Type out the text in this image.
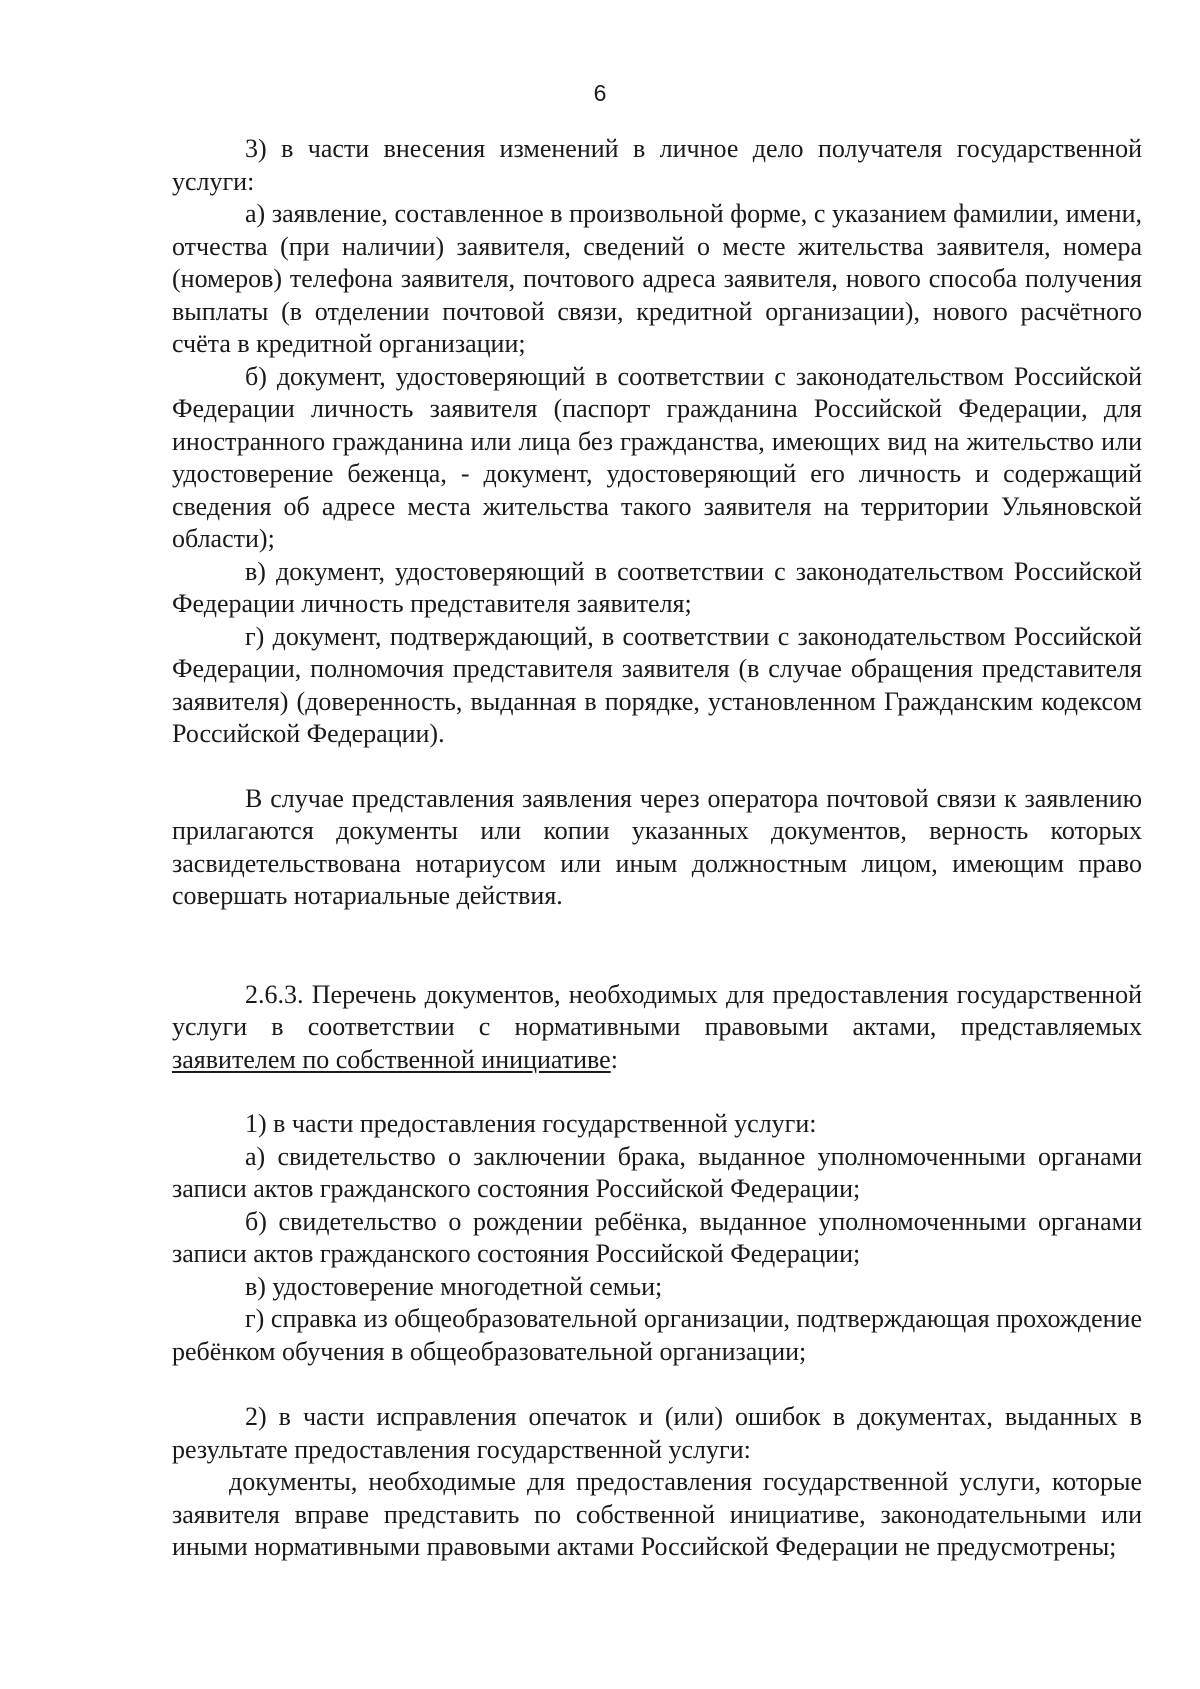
6

3) в части внесения изменений в личное дело получателя государственной услуги:

а) заявление, составленное в произвольной форме, с указанием фамилии, имени, отчества (при наличии) заявителя, сведений о месте жительства заявителя, номера (номеров) телефона заявителя, почтового адреса заявителя, нового способа получения выплаты (в отделении почтовой связи, кредитной организации), нового расчётного счёта в кредитной организации;

б) документ, удостоверяющий в соответствии с законодательством Российской Федерации личность заявителя (паспорт гражданина Российской Федерации, для иностранного гражданина или лица без гражданства, имеющих вид на жительство или удостоверение беженца, - документ, удостоверяющий его личность и содержащий сведения об адресе места жительства такого заявителя на территории Ульяновской области);

в) документ, удостоверяющий в соответствии с законодательством Российской Федерации личность представителя заявителя;

г) документ, подтверждающий, в соответствии с законодательством Российской Федерации, полномочия представителя заявителя (в случае обращения представителя заявителя) (доверенность, выданная в порядке, установленном Гражданским кодексом Российской Федерации).

В случае представления заявления через оператора почтовой связи к заявлению прилагаются документы или копии указанных документов, верность которых засвидетельствована нотариусом или иным должностным лицом, имеющим право совершать нотариальные действия.

2.6.3. Перечень документов, необходимых для предоставления государственной услуги в соответствии с нормативными правовыми актами, представляемых заявителем по собственной инициативе:

1) в части предоставления государственной услуги:

а) свидетельство о заключении брака, выданное уполномоченными органами записи актов гражданского состояния Российской Федерации;

б) свидетельство о рождении ребёнка, выданное уполномоченными органами записи актов гражданского состояния Российской Федерации;

в) удостоверение многодетной семьи;

г) справка из общеобразовательной организации, подтверждающая прохождение ребёнком обучения в общеобразовательной организации;

2) в части исправления опечаток и (или) ошибок в документах, выданных в результате предоставления государственной услуги:

документы, необходимые для предоставления государственной услуги, которые заявителя вправе представить по собственной инициативе, законодательными или иными нормативными правовыми актами Российской Федерации не предусмотрены;
